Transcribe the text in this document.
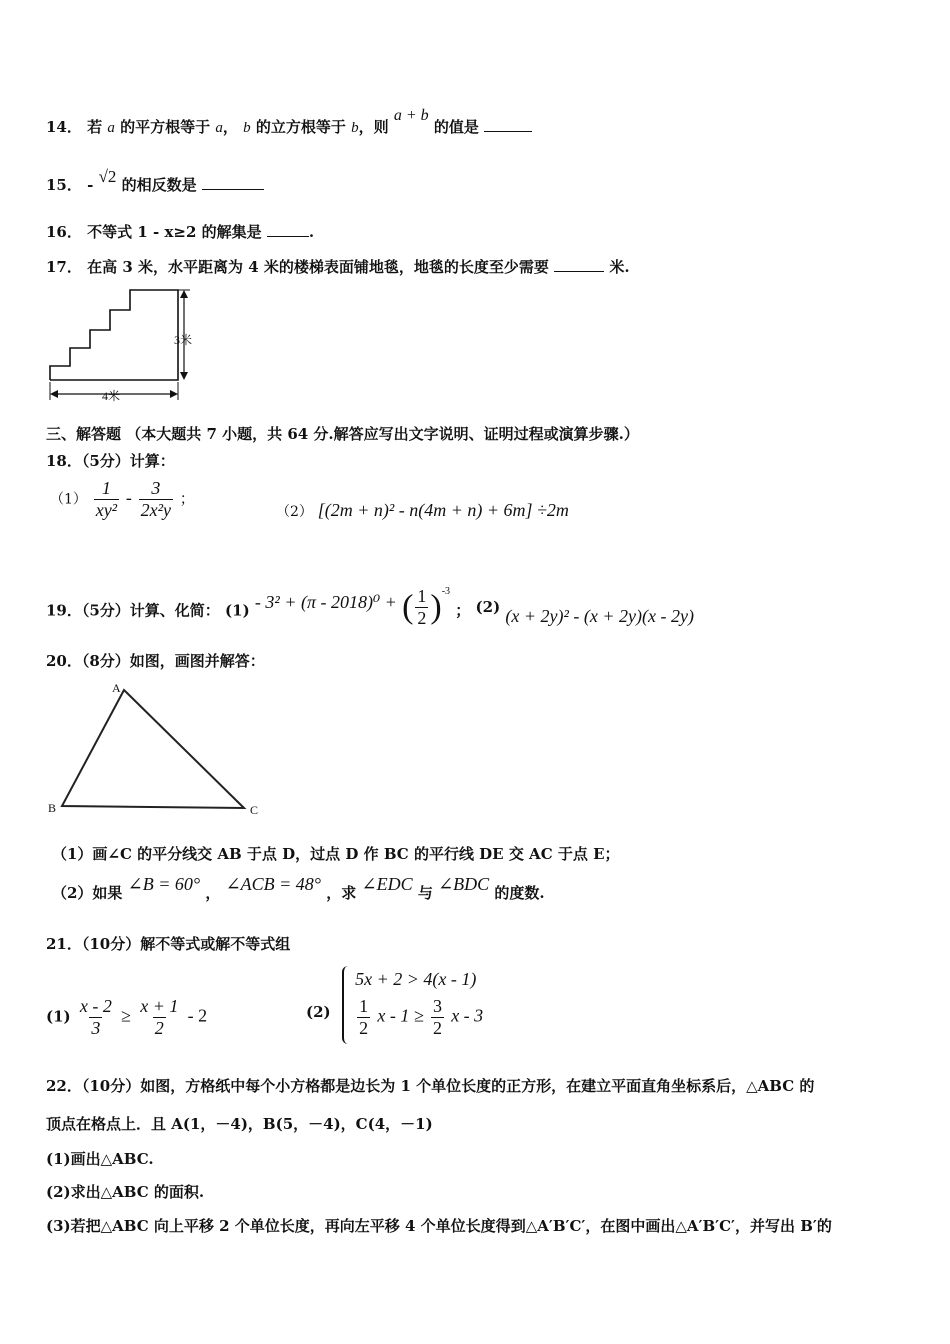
14． 若 a 的平方根等于 a， b 的立方根等于 b，则 a + b 的值是
15． - √2 的相反数是
16． 不等式 1 - x≥2 的解集是	.
17． 在高 3 米，水平距离为 4 米的楼梯表面铺地毯，地毯的长度至少需要	米.
3米
4米
三、解答题 （本大题共 7 小题，共 64 分.解答应写出文字说明、证明过程或演算步骤.）
18．（5分）计算：
$(1) \frac{1}{\text{xy²}} - \frac{3}{\text{2x²y}}$ ；
（2） [(2m + n)² - n(4m + n) + 6m] ÷2m
19．（5分）计算、化简： (1) - 3² + (π - 2018)⁰ + ( $\frac{1}{2} )^{-3}$ ； (2) (x + 2y)² - (x + 2y)(x - 2y)
20．（8分）如图，画图并解答：
A
B	C
（1）画∠C 的平分线交 AB 于点 D，过点 D 作 BC 的平行线 DE 交 AC 于点 E；
（2）如果 ∠B = 60° ， ∠ACB = 48° ，求 ∠EDC 与 ∠BDC 的度数.
21．（10分）解不等式或解不等式组
$(1) \frac{x - 2}{3} \ge \frac{x + 1}{2} - 2$	(2)
5x + 2 > 4(x - 1)
$\frac{1}{2}$ $x - 1 \ge \frac{3}{2}$ x - 3
22．（10分）如图，方格纸中每个小方格都是边长为 1 个单位长度的正方形，在建立平面直角坐标系后，△ABC 的
顶点在格点上．且 A(1，－4)，B(5，－4)，C(4，－1)
(1)画出△ABC.
(2)求出△ABC 的面积.
(3)若把△ABC 向上平移 2 个单位长度，再向左平移 4 个单位长度得到△A′B′C′，在图中画出△A′B′C′，并写出 B′的
